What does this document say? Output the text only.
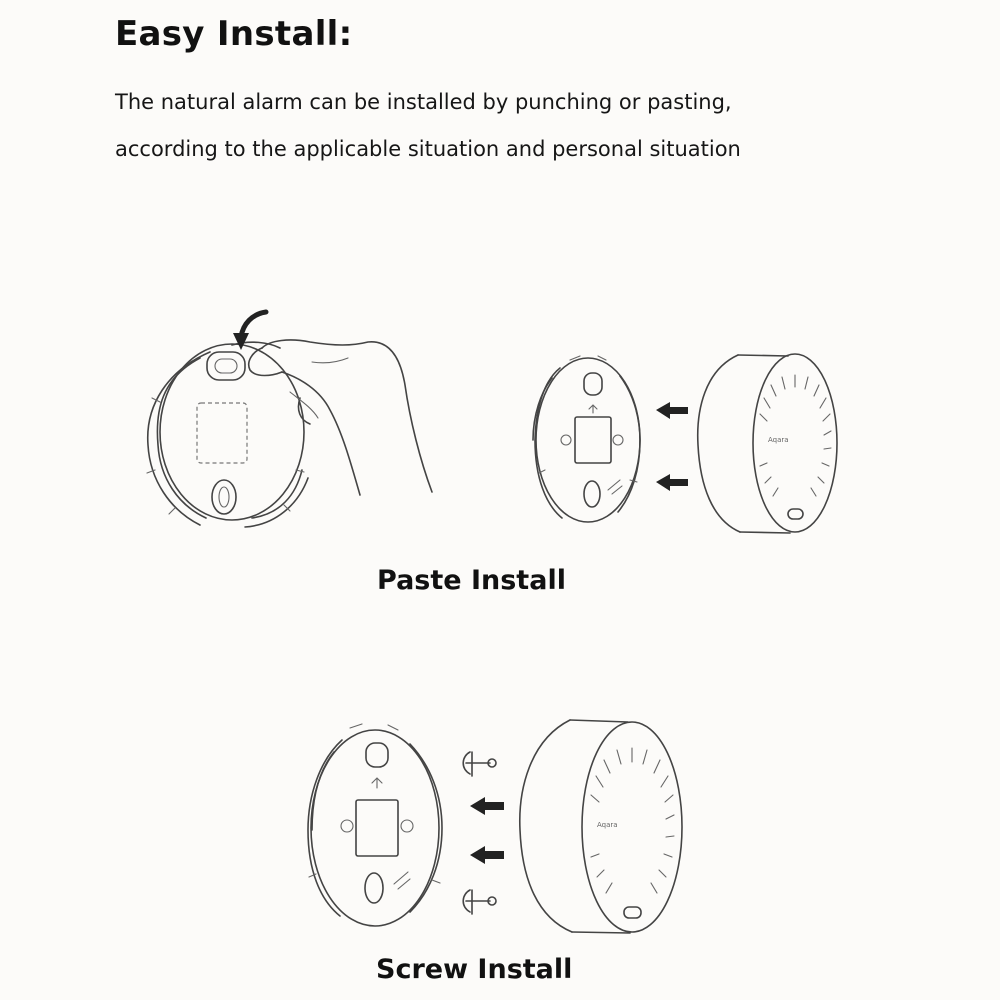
Easy Install:
The natural alarm can be installed by punching or pasting,
according to the applicable situation and personal situation
Aqara
Aqara
Paste Install
Screw Install
